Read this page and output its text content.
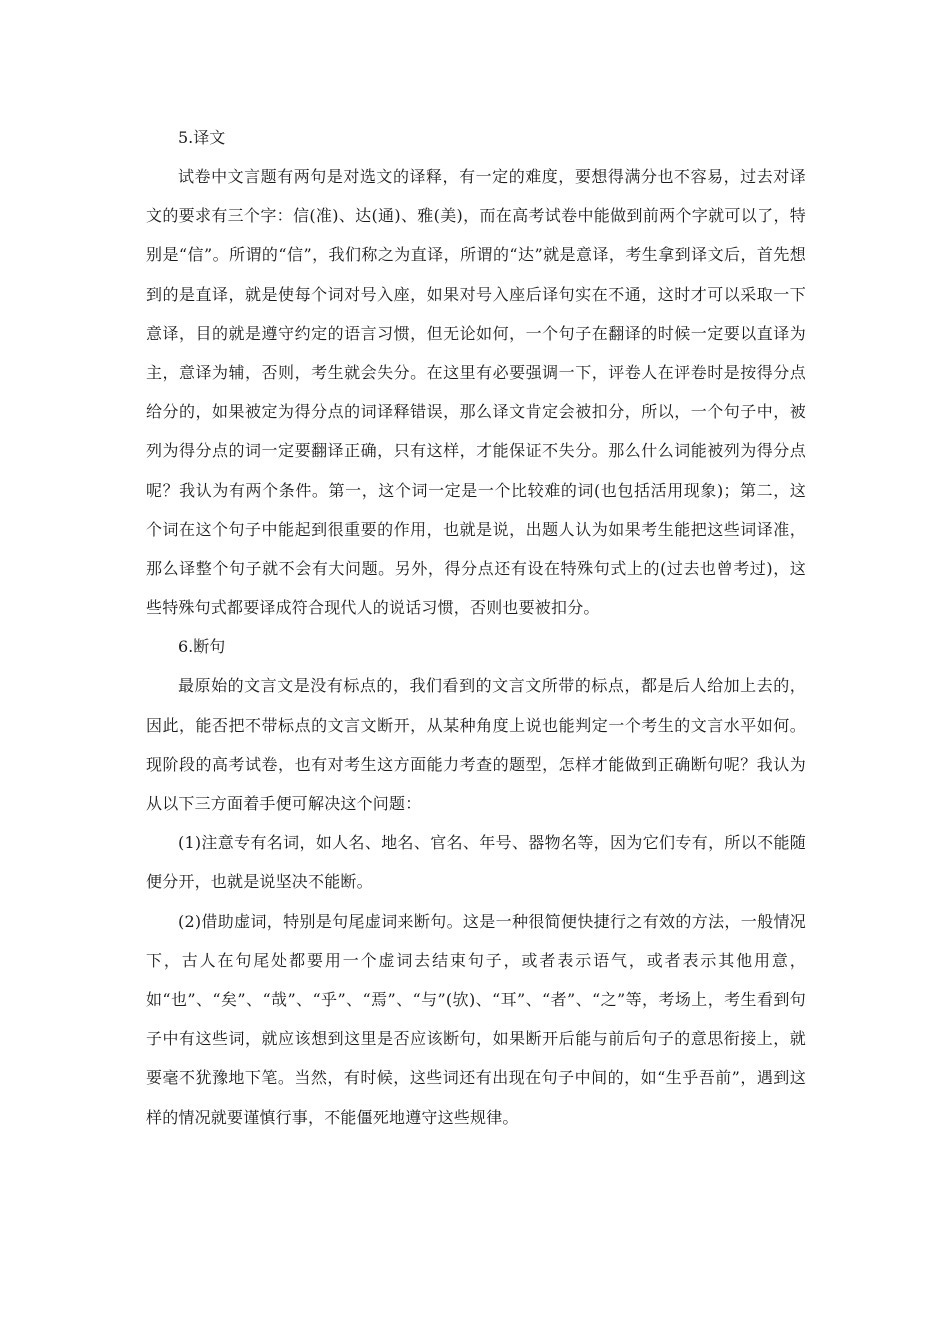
5.译文

试卷中文言题有两句是对选文的译释，有一定的难度，要想得满分也不容易，过去对译文的要求有三个字：信(准)、达(通)、雅(美)，而在高考试卷中能做到前两个字就可以了，特别是“信”。所谓的“信”，我们称之为直译，所谓的“达”就是意译，考生拿到译文后，首先想到的是直译，就是使每个词对号入座，如果对号入座后译句实在不通，这时才可以采取一下意译，目的就是遵守约定的语言习惯，但无论如何，一个句子在翻译的时候一定要以直译为主，意译为辅，否则，考生就会失分。在这里有必要强调一下，评卷人在评卷时是按得分点给分的，如果被定为得分点的词译释错误，那么译文肯定会被扣分，所以，一个句子中，被列为得分点的词一定要翻译正确，只有这样，才能保证不失分。那么什么词能被列为得分点呢？我认为有两个条件。第一，这个词一定是一个比较难的词(也包括活用现象)；第二，这个词在这个句子中能起到很重要的作用，也就是说，出题人认为如果考生能把这些词译准，那么译整个句子就不会有大问题。另外，得分点还有设在特殊句式上的(过去也曾考过)，这些特殊句式都要译成符合现代人的说话习惯，否则也要被扣分。

6.断句

最原始的文言文是没有标点的，我们看到的文言文所带的标点，都是后人给加上去的，因此，能否把不带标点的文言文断开，从某种角度上说也能判定一个考生的文言水平如何。现阶段的高考试卷，也有对考生这方面能力考查的题型，怎样才能做到正确断句呢？我认为从以下三方面着手便可解决这个问题：

(1)注意专有名词，如人名、地名、官名、年号、器物名等，因为它们专有，所以不能随便分开，也就是说坚决不能断。

(2)借助虚词，特别是句尾虚词来断句。这是一种很简便快捷行之有效的方法，一般情况下，古人在句尾处都要用一个虚词去结束句子，或者表示语气，或者表示其他用意，如“也”、“矣”、“哉”、“乎”、“焉”、“与”(欤)、“耳”、“者”、“之”等，考场上，考生看到句子中有这些词，就应该想到这里是否应该断句，如果断开后能与前后句子的意思衔接上，就要毫不犹豫地下笔。当然，有时候，这些词还有出现在句子中间的，如“生乎吾前”，遇到这样的情况就要谨慎行事，不能僵死地遵守这些规律。
